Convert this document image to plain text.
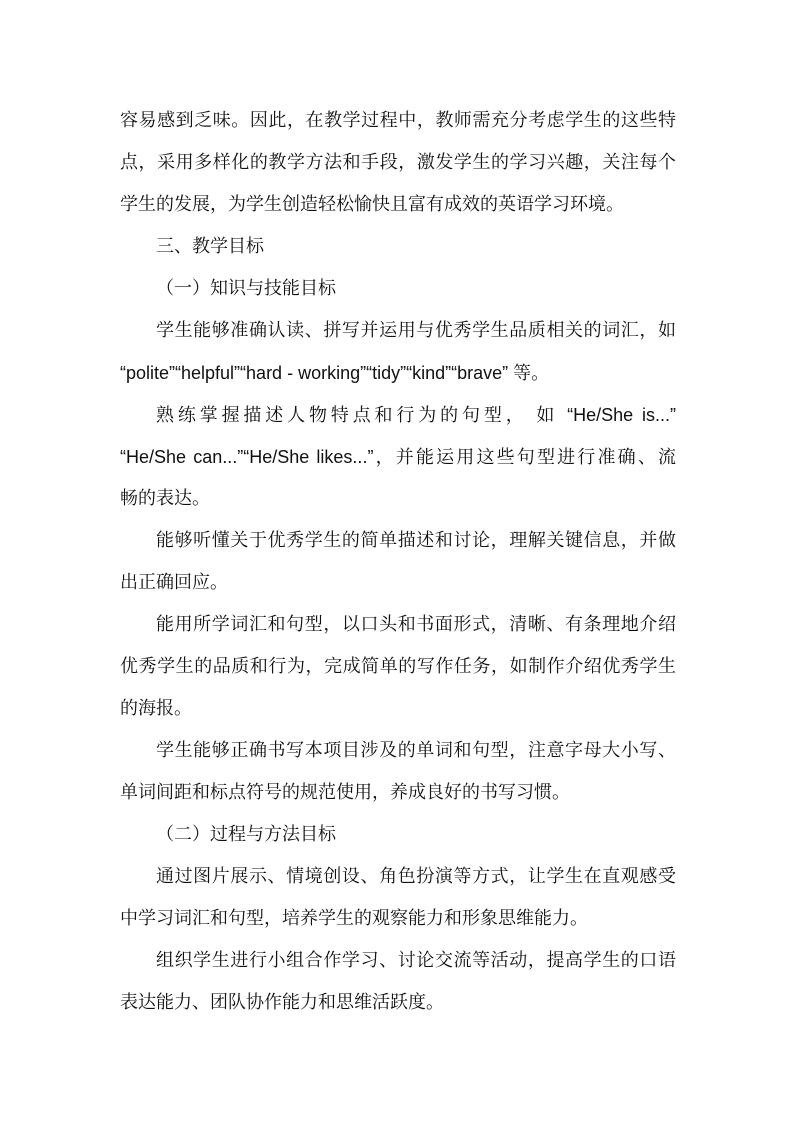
容易感到乏味。因此，在教学过程中，教师需充分考虑学生的这些特
点，采用多样化的教学方法和手段，激发学生的学习兴趣，关注每个
学生的发展，为学生创造轻松愉快且富有成效的英语学习环境。
三、教学目标
（一）知识与技能目标
学生能够准确认读、拼写并运用与优秀学生品质相关的词汇，如
“polite”“helpful”“hard - working”“tidy”“kind”“brave” 等。
熟练掌握描述人物特点和行为的句型， 如 “He/She is...”
“He/She can...”“He/She likes...”，并能运用这些句型进行准确、流
畅的表达。
能够听懂关于优秀学生的简单描述和讨论，理解关键信息，并做
出正确回应。
能用所学词汇和句型，以口头和书面形式，清晰、有条理地介绍
优秀学生的品质和行为，完成简单的写作任务，如制作介绍优秀学生
的海报。
学生能够正确书写本项目涉及的单词和句型，注意字母大小写、
单词间距和标点符号的规范使用，养成良好的书写习惯。
（二）过程与方法目标
通过图片展示、情境创设、角色扮演等方式，让学生在直观感受
中学习词汇和句型，培养学生的观察能力和形象思维能力。
组织学生进行小组合作学习、讨论交流等活动，提高学生的口语
表达能力、团队协作能力和思维活跃度。
